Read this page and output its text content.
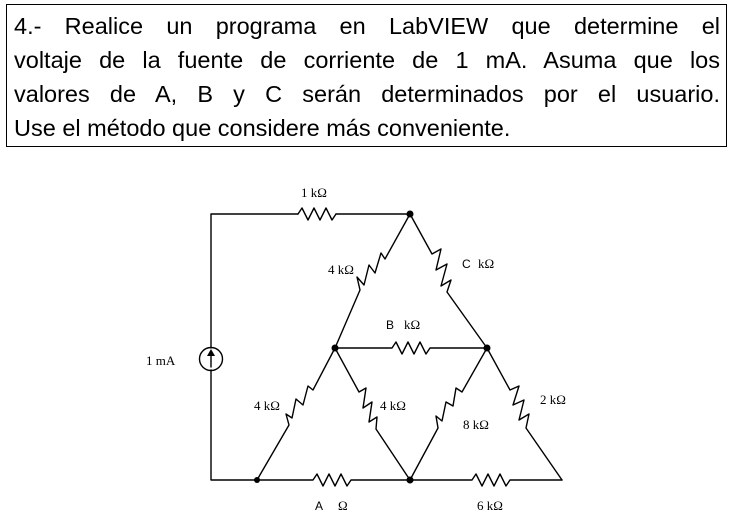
4.- Realice un programa en LabVIEW que determine el
voltaje de la fuente de corriente de 1 mA. Asuma que los
valores de A, B y C serán determinados por el usuario.
Use el método que considere más conveniente.
1 mA
1 kΩ
4 kΩ	C kΩ
B kΩ
4 kΩ	4 kΩ
8 kΩ
2 kΩ
A Ω	6 kΩ
